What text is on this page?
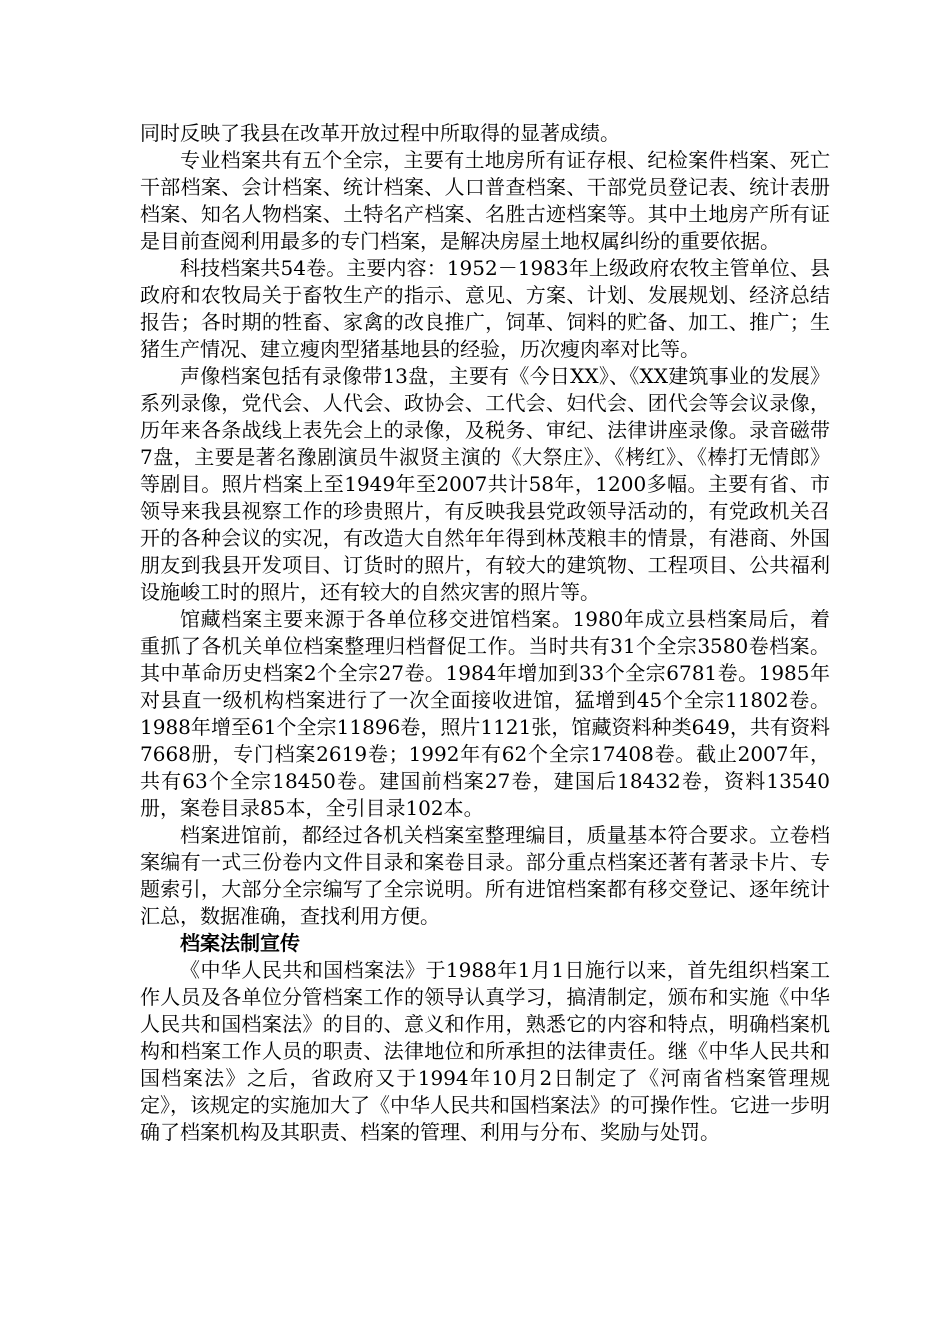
同时反映了我县在改革开放过程中所取得的显著成绩。

专业档案共有五个全宗，主要有土地房所有证存根、纪检案件档案、死亡干部档案、会计档案、统计档案、人口普查档案、干部党员登记表、统计表册档案、知名人物档案、土特名产档案、名胜古迹档案等。其中土地房产所有证是目前查阅利用最多的专门档案，是解决房屋土地权属纠纷的重要依据。

科技档案共54卷。主要内容：1952－1983年上级政府农牧主管单位、县政府和农牧局关于畜牧生产的指示、意见、方案、计划、发展规划、经济总结报告；各时期的牲畜、家禽的改良推广，饲革、饲料的贮备、加工、推广；生猪生产情况、建立瘦肉型猪基地县的经验，历次瘦肉率对比等。

声像档案包括有录像带13盘，主要有《今日XX》、《XX建筑事业的发展》系列录像，党代会、人代会、政协会、工代会、妇代会、团代会等会议录像，历年来各条战线上表先会上的录像，及税务、审纪、法律讲座录像。录音磁带7盘，主要是著名豫剧演员牛淑贤主演的《大祭庄》、《栲红》、《棒打无情郎》等剧目。照片档案上至1949年至2007共计58年，1200多幅。主要有省、市领导来我县视察工作的珍贵照片，有反映我县党政领导活动的，有党政机关召开的各种会议的实况，有改造大自然年年得到林茂粮丰的情景，有港商、外国朋友到我县开发项目、订货时的照片，有较大的建筑物、工程项目、公共福利设施峻工时的照片，还有较大的自然灾害的照片等。

馆藏档案主要来源于各单位移交进馆档案。1980年成立县档案局后，着重抓了各机关单位档案整理归档督促工作。当时共有31个全宗3580卷档案。其中革命历史档案2个全宗27卷。1984年增加到33个全宗6781卷。1985年对县直一级机构档案进行了一次全面接收进馆，猛增到45个全宗11802卷。1988年增至61个全宗11896卷，照片1121张，馆藏资料种类649，共有资料7668册，专门档案2619卷；1992年有62个全宗17408卷。截止2007年，共有63个全宗18450卷。建国前档案27卷，建国后18432卷，资料13540册，案卷目录85本，全引目录102本。

档案进馆前，都经过各机关档案室整理编目，质量基本符合要求。立卷档案编有一式三份卷内文件目录和案卷目录。部分重点档案还著有著录卡片、专题索引，大部分全宗编写了全宗说明。所有进馆档案都有移交登记、逐年统计汇总，数据准确，查找利用方便。

档案法制宣传

《中华人民共和国档案法》于1988年1月1日施行以来，首先组织档案工作人员及各单位分管档案工作的领导认真学习，搞清制定，颁布和实施《中华人民共和国档案法》的目的、意义和作用，熟悉它的内容和特点，明确档案机构和档案工作人员的职责、法律地位和所承担的法律责任。继《中华人民共和国档案法》之后，省政府又于1994年10月2日制定了《河南省档案管理规定》，该规定的实施加大了《中华人民共和国档案法》的可操作性。它进一步明确了档案机构及其职责、档案的管理、利用与分布、奖励与处罚。
